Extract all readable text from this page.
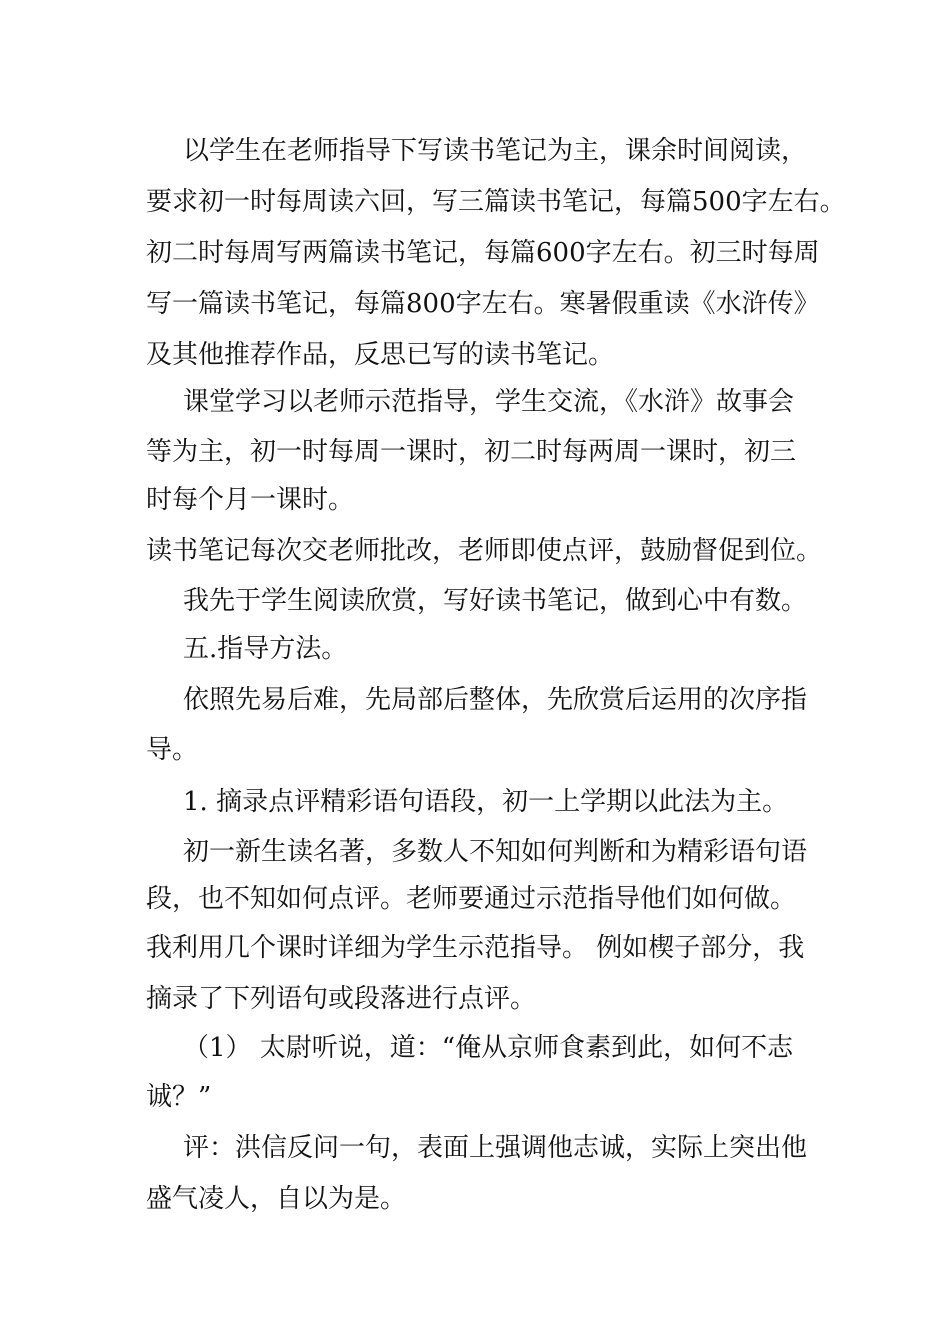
以学生在老师指导下写读书笔记为主，课余时间阅读，
要求初一时每周读六回，写三篇读书笔记，每篇500字左右。
初二时每周写两篇读书笔记，每篇600字左右。初三时每周
写一篇读书笔记，每篇800字左右。寒暑假重读《水浒传》
及其他推荐作品，反思已写的读书笔记。
课堂学习以老师示范指导，学生交流，《水浒》故事会
等为主，初一时每周一课时，初二时每两周一课时，初三
时每个月一课时。
读书笔记每次交老师批改，老师即使点评，鼓励督促到位。
我先于学生阅读欣赏，写好读书笔记，做到心中有数。
五.指导方法。
依照先易后难，先局部后整体，先欣赏后运用的次序指
导。
1. 摘录点评精彩语句语段，初一上学期以此法为主。
初一新生读名著，多数人不知如何判断和为精彩语句语
段，也不知如何点评。老师要通过示范指导他们如何做。
我利用几个课时详细为学生示范指导。 例如楔子部分，我
摘录了下列语句或段落进行点评。
（1） 太尉听说，道：“俺从京师食素到此，如何不志
诚？”
评：洪信反问一句，表面上强调他志诚，实际上突出他
盛气凌人，自以为是。
